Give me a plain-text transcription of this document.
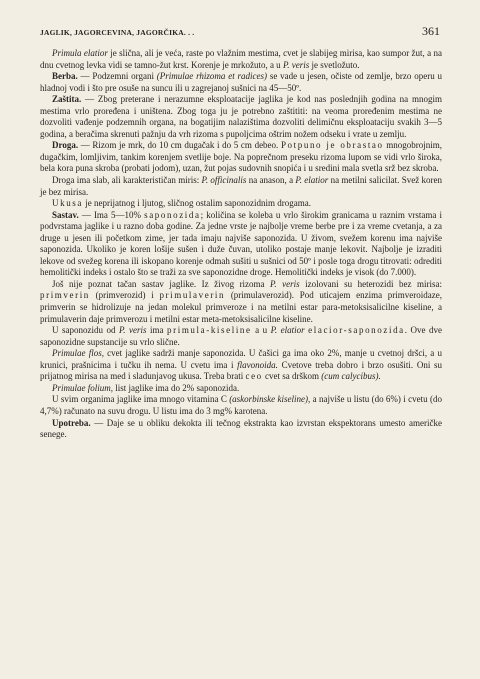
JAGLIK, JAGORCEVINA, JAGORČIKA. . .	361

Primula elatior je slična, ali je veća, raste po vlažnim mestima, cvet je slabijeg mirisa, kao sumpor žut, a na dnu cvetnog levka vidi se tamno-žut krst. Korenje je mrkožuto, a u P. veris je svetložuto.

Berba. — Podzemni organi (Primulae rhizoma et radices) se vade u jesen, očiste od zemlje, brzo operu u hladnoj vodi i što pre osuše na suncu ili u zagrejanoj sušnici na 45—50º.

Zaštita. — Zbog preterane i nerazumne eksploatacije jaglika je kod nas poslednjih godina na mnogim mestima vrlo proređena i uništena. Zbog toga ju je potrebno zaštititi: na veoma proređenim mestima ne dozvoliti vađenje podzemnih organa, na bogatijim nalazištima dozvoliti delimičnu eksploataciju svakih 3—5 godina, a beračima skrenuti pažnju da vrh rizoma s pupoljcima oštrim nožem odseku i vrate u zemlju.

Droga. — Rizom je mrk, do 10 cm dugačak i do 5 cm debeo. Potpuno je obrastao mnogobrojnim, dugačkim, lomljivim, tankim korenjem svetlije boje. Na poprečnom preseku rizoma lupom se vidi vrlo široka, bela kora puna skroba (probati jodom), uzan, žut pojas sudovnih snopića i u sredini mala svetla srž bez skroba.

Droga ima slab, ali karakterističan miris: P. officinalis na anason, a P. elatior na metilni salicilat. Svež koren je bez mirisa.

Ukusa je neprijatnog i ljutog, sličnog ostalim saponozidnim drogama.

Sastav. — Ima 5—10% saponozida; količina se koleba u vrlo širokim granicama u raznim vrstama i podvrstama jaglike i u razno doba godine. Za jedne vrste je najbolje vreme berbe pre i za vreme cvetanja, a za druge u jesen ili početkom zime, jer tada imaju najviše saponozida. U živom, svežem korenu ima najviše saponozida. Ukoliko je koren lošije sušen i duže čuvan, utoliko postaje manje lekovit. Najbolje je izraditi lekove od svežeg korena ili iskopano korenje odmah sušiti u sušnici od 50º i posle toga drogu titrovati: odrediti hemolitički indeks i ostalo što se traži za sve saponozidne droge. Hemolitički indeks je visok (do 7.000).

Još nije poznat tačan sastav jaglike. Iz živog rizoma P. veris izolovani su heterozidi bez mirisa: primverin (primverozid) i primulaverin (primulaverozid). Pod uticajem enzima primveroidaze, primverin se hidrolizuje na jedan molekul primveroze i na metilni estar para-metoksisalicilne kiseline, a primulaverin daje primverozu i metilni estar meta-metoksisalicilne kiseline.

U saponozidu od P. veris ima primula-kiseline a u P. elatior elacior-saponozida. Ove dve saponozidne supstancije su vrlo slične.

Primulae flos, cvet jaglike sadrži manje saponozida. U čašici ga ima oko 2%, manje u cvetnoj dršci, a u krunici, prašnicima i tučku ih nema. U cvetu ima i flavonoida. Cvetove treba dobro i brzo osušiti. Oni su prijatnog mirisa na med i sladunjavog ukusa. Treba brati ceo cvet sa drškom (cum calycibus).

Primulae folium, list jaglike ima do 2% saponozida.

U svim organima jaglike ima mnogo vitamina C (askorbinske kiseline), a najviše u listu (do 6%) i cvetu (do 4,7%) računato na suvu drogu. U listu ima do 3 mg% karotena.

Upotreba. — Daje se u obliku dekokta ili tečnog ekstrakta kao izvrstan ekspektorans umesto američke senege.
